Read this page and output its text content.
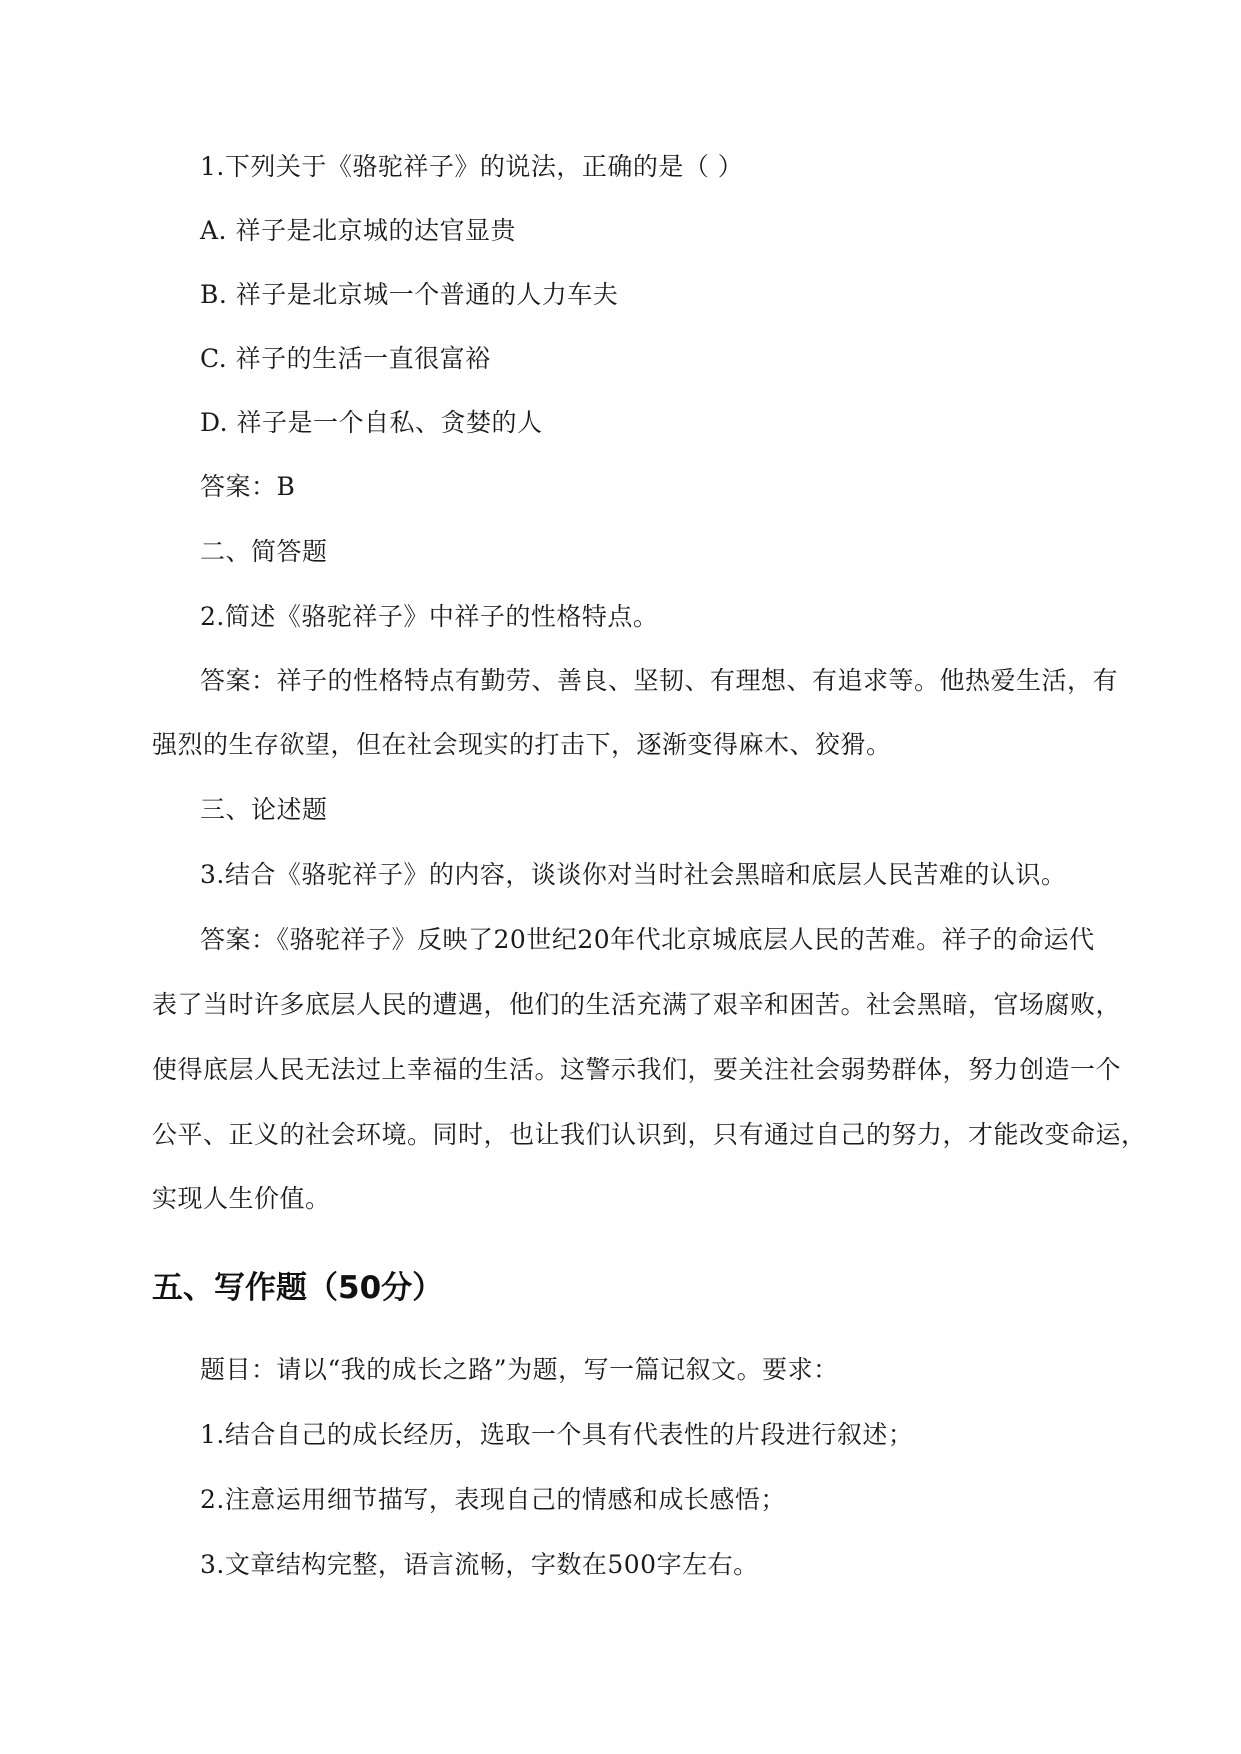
1.下列关于《骆驼祥子》的说法，正确的是（ ）
A. 祥子是北京城的达官显贵
B. 祥子是北京城一个普通的人力车夫
C. 祥子的生活一直很富裕
D. 祥子是一个自私、贪婪的人
答案：B
二、简答题
2.简述《骆驼祥子》中祥子的性格特点。
答案：祥子的性格特点有勤劳、善良、坚韧、有理想、有追求等。他热爱生活，有
强烈的生存欲望，但在社会现实的打击下，逐渐变得麻木、狡猾。
三、论述题
3.结合《骆驼祥子》的内容，谈谈你对当时社会黑暗和底层人民苦难的认识。
答案：《骆驼祥子》反映了20世纪20年代北京城底层人民的苦难。祥子的命运代
表了当时许多底层人民的遭遇，他们的生活充满了艰辛和困苦。社会黑暗，官场腐败，
使得底层人民无法过上幸福的生活。这警示我们，要关注社会弱势群体，努力创造一个
公平、正义的社会环境。同时，也让我们认识到，只有通过自己的努力，才能改变命运，
实现人生价值。
五、写作题（50分）
题目：请以“我的成长之路”为题，写一篇记叙文。要求：
1.结合自己的成长经历，选取一个具有代表性的片段进行叙述；
2.注意运用细节描写，表现自己的情感和成长感悟；
3.文章结构完整，语言流畅，字数在500字左右。
